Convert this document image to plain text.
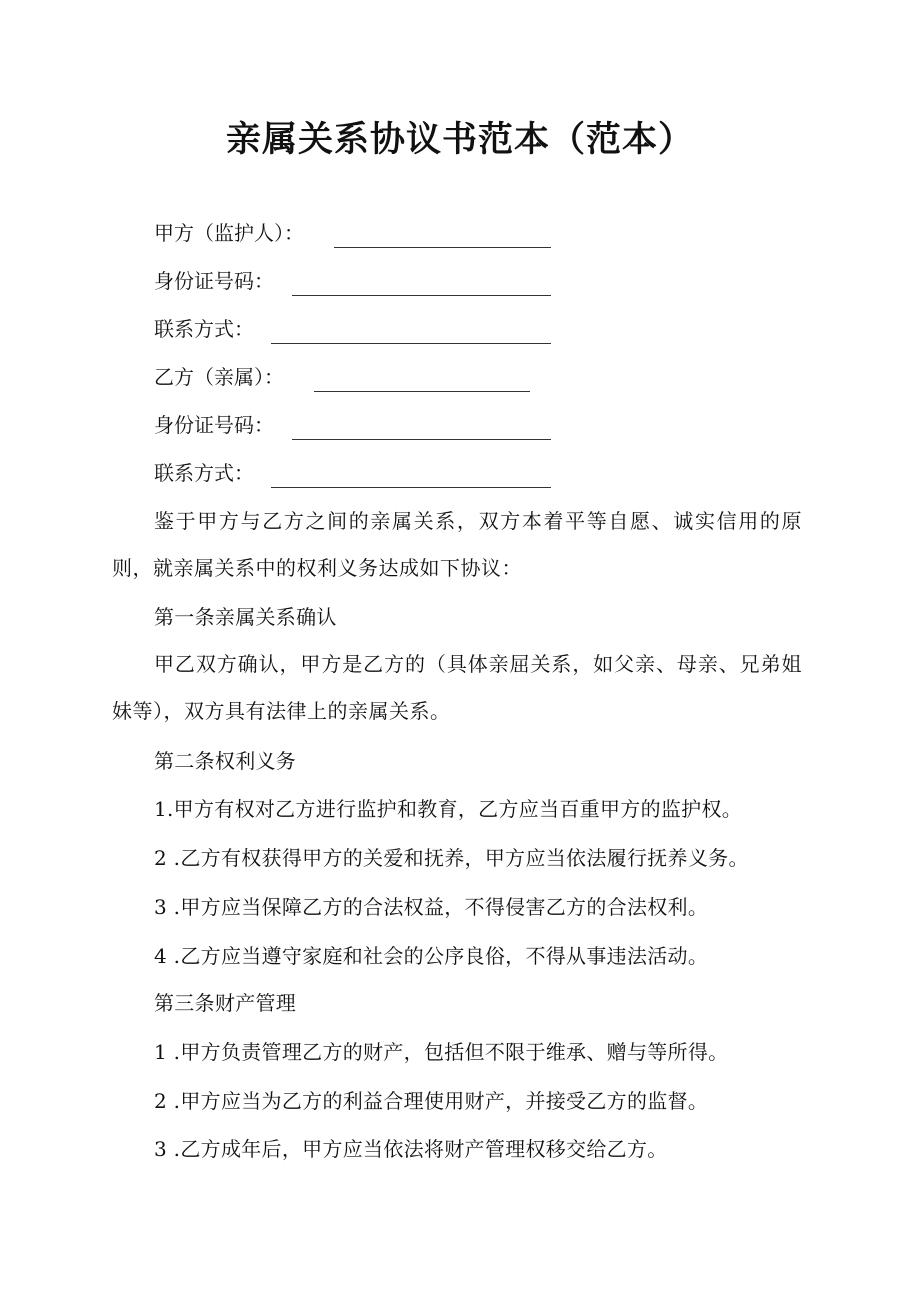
亲属关系协议书范本（范本）
甲方（监护人）：
身份证号码：
联系方式：
乙方（亲属）：
身份证号码：
联系方式：

鉴于甲方与乙方之间的亲属关系，双方本着平等自愿、诚实信用的原则，就亲属关系中的权利义务达成如下协议：

第一条亲属关系确认

甲乙双方确认，甲方是乙方的（具体亲屈关系，如父亲、母亲、兄弟姐妹等），双方具有法律上的亲属关系。

第二条权利义务
1.甲方有权对乙方进行监护和教育，乙方应当百重甲方的监护权。
2 .乙方有权获得甲方的关爱和抚养，甲方应当依法履行抚养义务。
3 .甲方应当保障乙方的合法权益，不得侵害乙方的合法权利。
4 .乙方应当遵守家庭和社会的公序良俗，不得从事违法活动。
第三条财产管理
1 .甲方负责管理乙方的财产，包括但不限于维承、赠与等所得。
2 .甲方应当为乙方的利益合理使用财产，并接受乙方的监督。
3 .乙方成年后，甲方应当依法将财产管理权移交给乙方。
